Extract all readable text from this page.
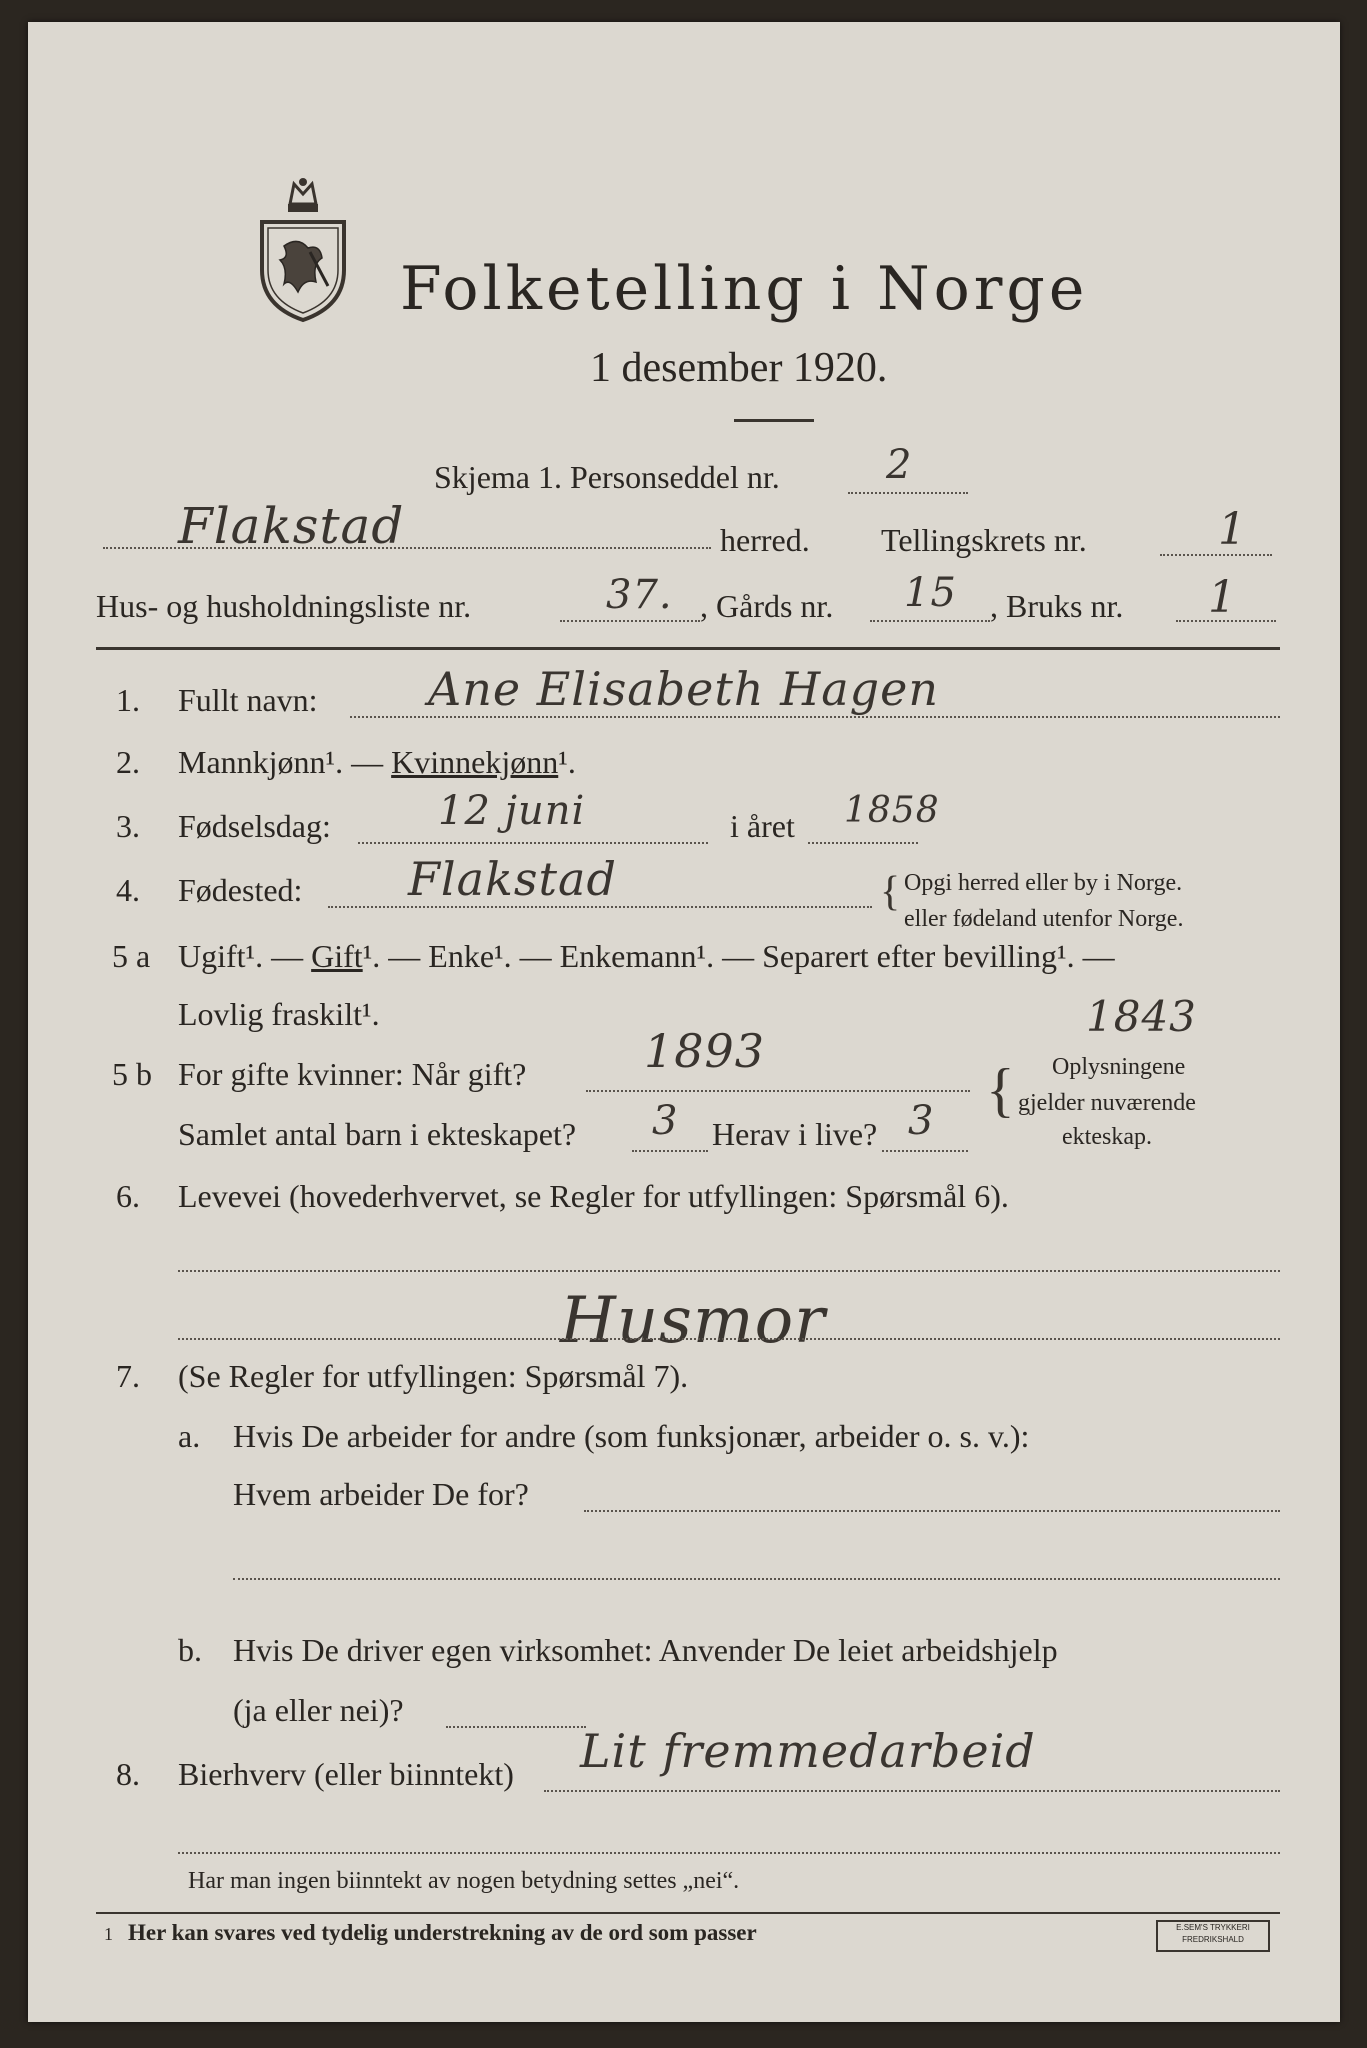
Folketelling i Norge
1 desember 1920.
Skjema 1. Personseddel nr.	2
Flakstad	herred. Tellingskrets nr.	1
Hus- og husholdningsliste nr.	37. , Gårds nr. 15 , Bruks nr. 1
1. Fullt navn: Ane Elisabeth Hagen
2. Mannkjønn¹. — Kvinnekjønn¹.
3. Fødselsdag:	12 juni	i året 1858
4. Fødested: Flakstad	{ Opgi herred eller by i Norge.
eller fødeland utenfor Norge.
5 a Ugift¹. — Gift¹. — Enke¹. — Enkemann¹. — Separert efter bevilling¹. —
Lovlig fraskilt¹.	1843
5 b For gifte kvinner: Når gift?	1893
Samlet antal barn i ekteskapet? 3 Herav i live? 3 { Oplysningene
gjelder nuværende
ekteskap.
6. Levevei (hovederhvervet, se Regler for utfyllingen: Spørsmål 6).
Husmor
7. (Se Regler for utfyllingen: Spørsmål 7).
a. Hvis De arbeider for andre (som funksjonær, arbeider o. s. v.):
Hvem arbeider De for?
b. Hvis De driver egen virksomhet: Anvender De leiet arbeidshjelp
(ja eller nei)?
8. Bierhverv (eller biinntekt) Lit fremmedarbeid
Har man ingen biinntekt av nogen betydning settes „nei“.
1 Her kan svares ved tydelig understrekning av de ord som passer	E.SEM'S TRYKKERI
FREDRIKSHALD
